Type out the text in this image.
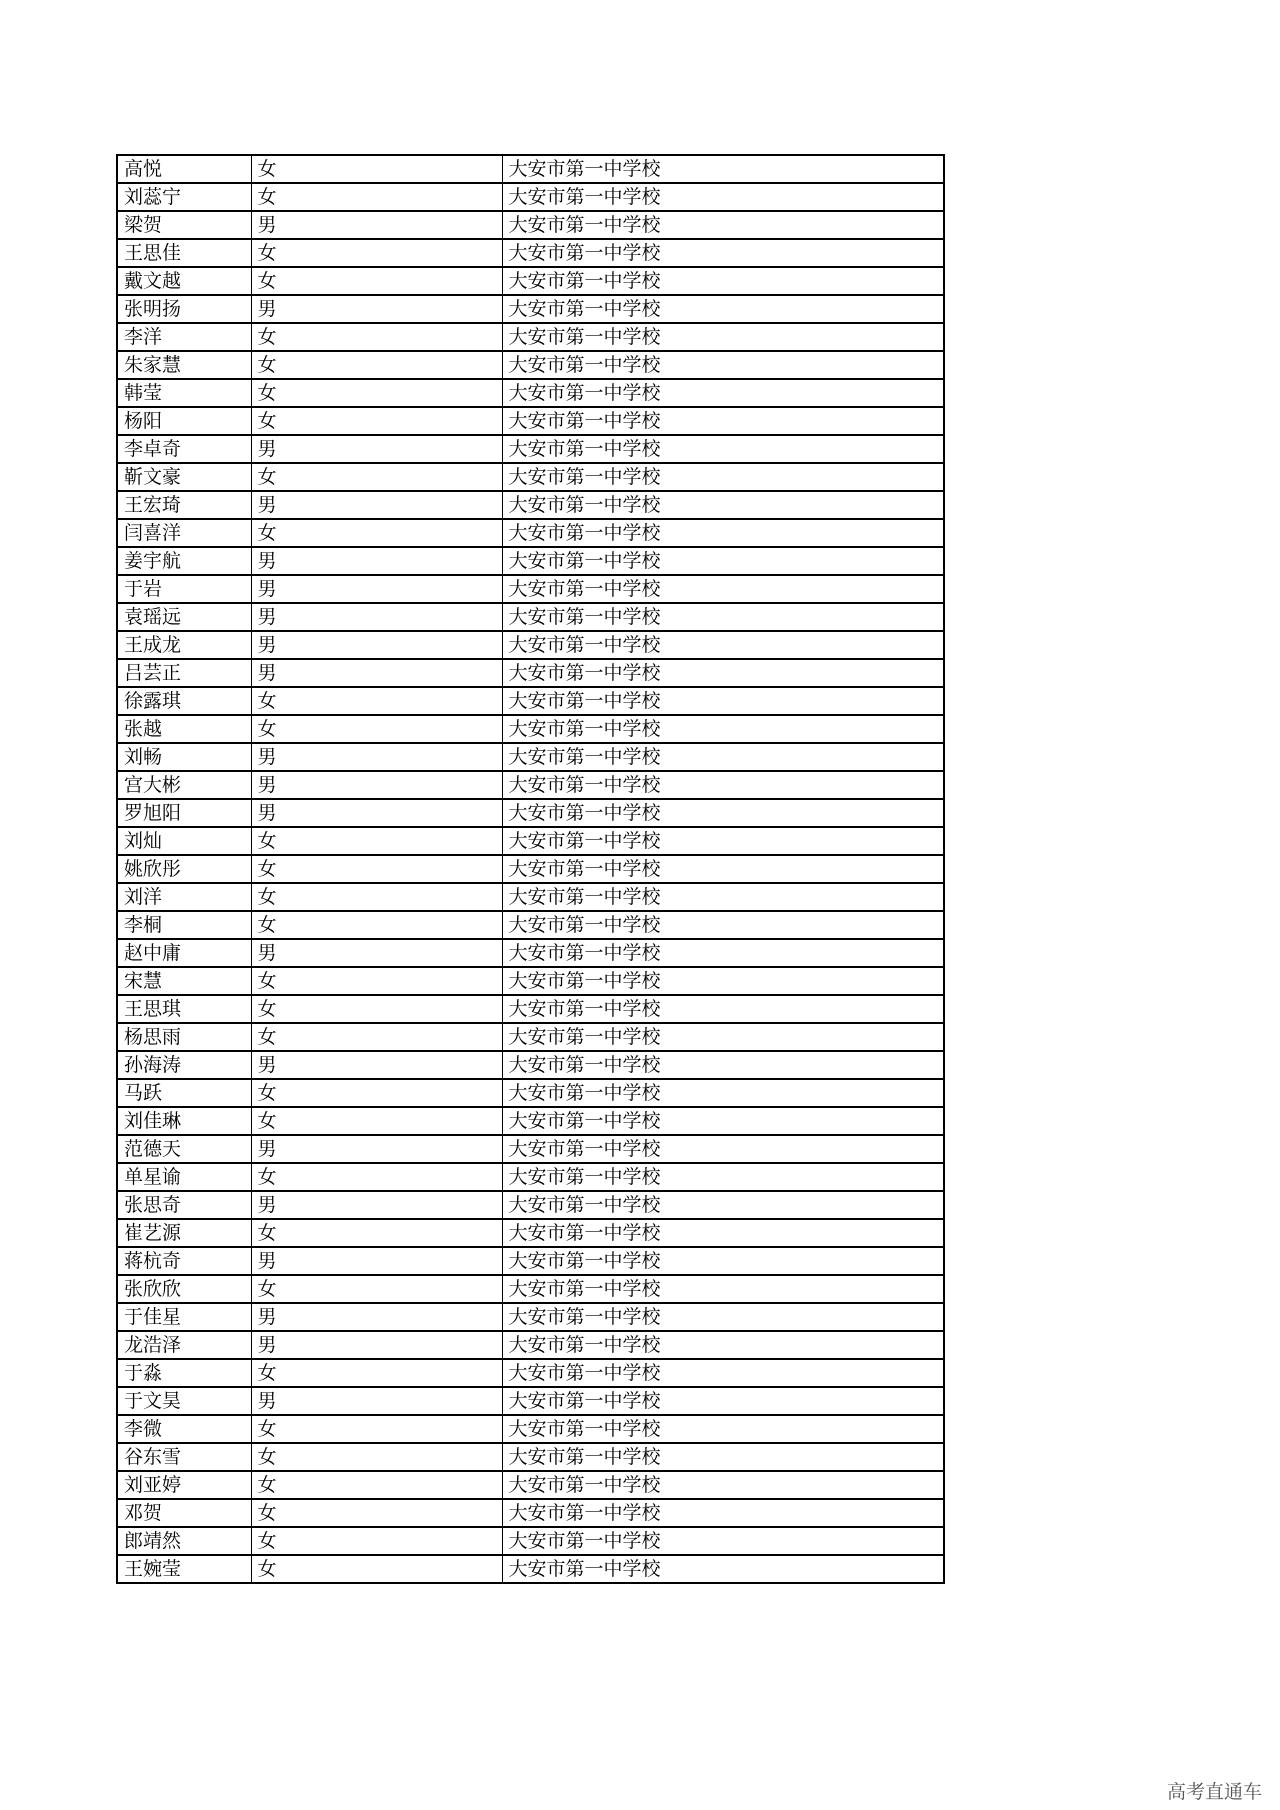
高悦	女	大安市第一中学校
刘蕊宁	女	大安市第一中学校
梁贺	男	大安市第一中学校
王思佳	女	大安市第一中学校
戴文越	女	大安市第一中学校
张明扬	男	大安市第一中学校
李洋	女	大安市第一中学校
朱家慧	女	大安市第一中学校
韩莹	女	大安市第一中学校
杨阳	女	大安市第一中学校
李卓奇	男	大安市第一中学校
靳文豪	女	大安市第一中学校
王宏琦	男	大安市第一中学校
闫喜洋	女	大安市第一中学校
姜宇航	男	大安市第一中学校
于岩	男	大安市第一中学校
袁瑶远	男	大安市第一中学校
王成龙	男	大安市第一中学校
吕芸正	男	大安市第一中学校
徐露琪	女	大安市第一中学校
张越	女	大安市第一中学校
刘畅	男	大安市第一中学校
宫大彬	男	大安市第一中学校
罗旭阳	男	大安市第一中学校
刘灿	女	大安市第一中学校
姚欣彤	女	大安市第一中学校
刘洋	女	大安市第一中学校
李桐	女	大安市第一中学校
赵中庸	男	大安市第一中学校
宋慧	女	大安市第一中学校
王思琪	女	大安市第一中学校
杨思雨	女	大安市第一中学校
孙海涛	男	大安市第一中学校
马跃	女	大安市第一中学校
刘佳琳	女	大安市第一中学校
范德天	男	大安市第一中学校
单星谕	女	大安市第一中学校
张思奇	男	大安市第一中学校
崔艺源	女	大安市第一中学校
蒋杭奇	男	大安市第一中学校
张欣欣	女	大安市第一中学校
于佳星	男	大安市第一中学校
龙浩泽	男	大安市第一中学校
于淼	女	大安市第一中学校
于文昊	男	大安市第一中学校
李微	女	大安市第一中学校
谷东雪	女	大安市第一中学校
刘亚婷	女	大安市第一中学校
邓贺	女	大安市第一中学校
郎靖然	女	大安市第一中学校
王婉莹	女	大安市第一中学校
高考直通车
